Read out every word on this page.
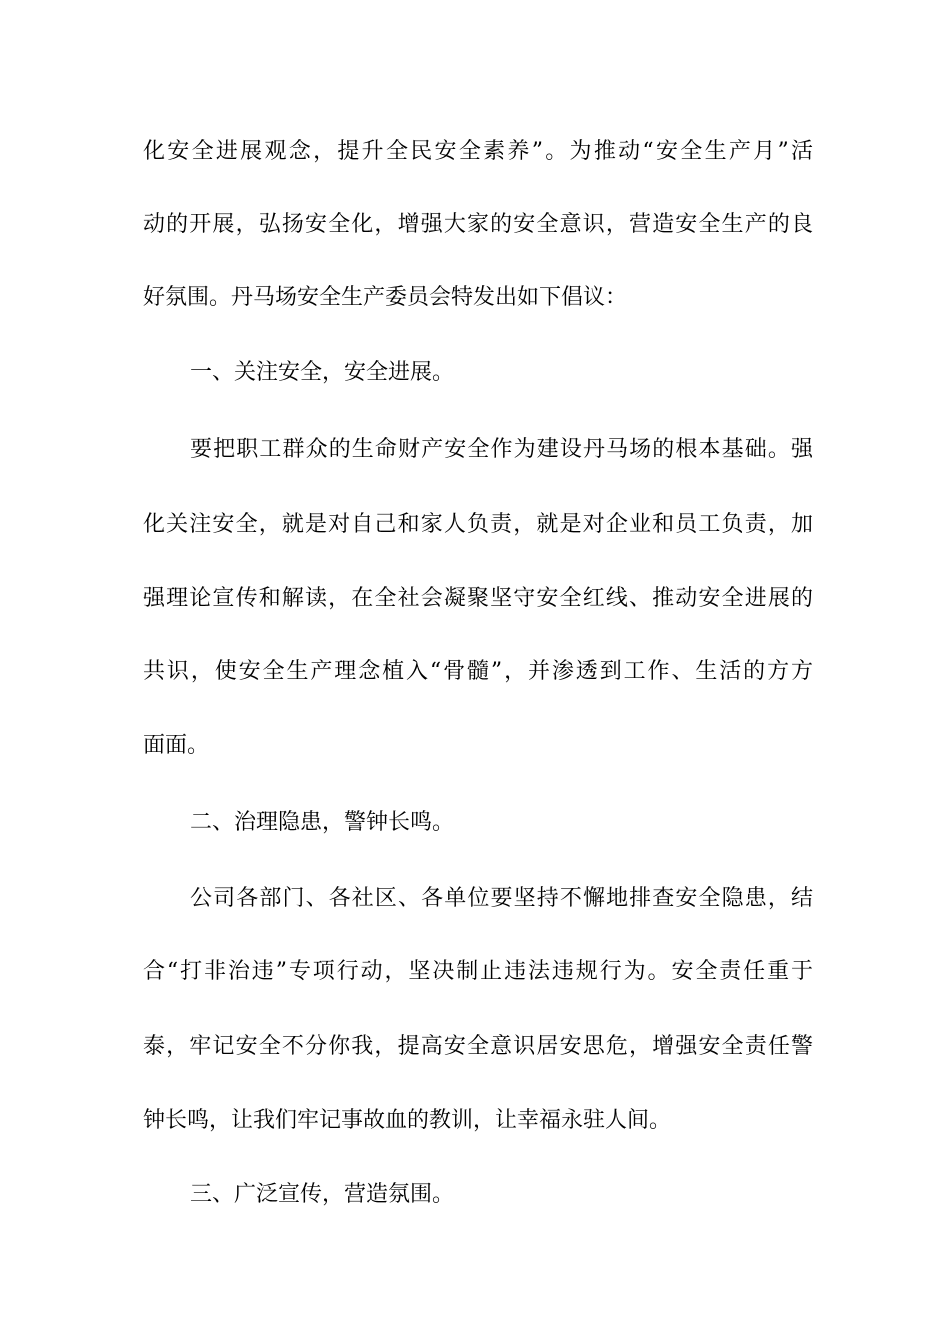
化安全进展观念，提升全民安全素养”。为推动“安全生产月”活
动的开展，弘扬安全化，增强大家的安全意识，营造安全生产的良
好氛围。丹马场安全生产委员会特发出如下倡议：
一、关注安全，安全进展。
要把职工群众的生命财产安全作为建设丹马场的根本基础。强
化关注安全，就是对自己和家人负责，就是对企业和员工负责，加
强理论宣传和解读，在全社会凝聚坚守安全红线、推动安全进展的
共识，使安全生产理念植入“骨髓”，并渗透到工作、生活的方方
面面。
二、治理隐患，警钟长鸣。
公司各部门、各社区、各单位要坚持不懈地排查安全隐患，结
合“打非治违”专项行动，坚决制止违法违规行为。安全责任重于
泰，牢记安全不分你我，提高安全意识居安思危，增强安全责任警
钟长鸣，让我们牢记事故血的教训，让幸福永驻人间。
三、广泛宣传，营造氛围。
